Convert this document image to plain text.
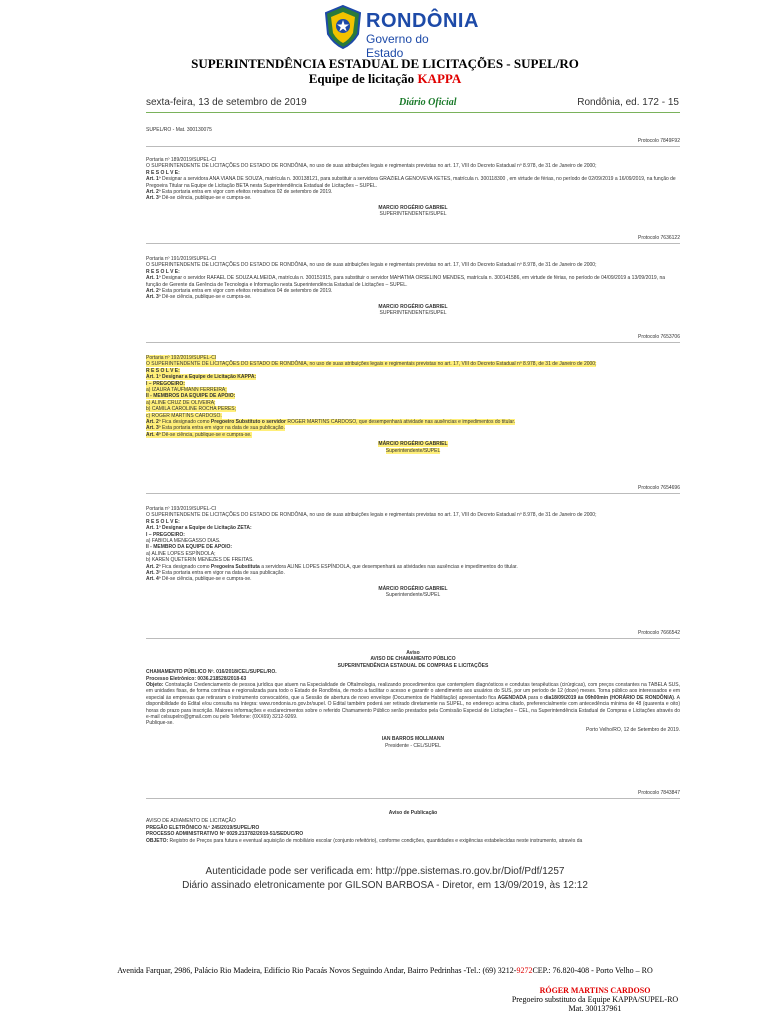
RONDÔNIA
Governo do Estado
SUPERINTENDÊNCIA ESTADUAL DE LICITAÇÕES - SUPEL/RO
Equipe de licitação KAPPA
sexta-feira, 13 de setembro de 2019	Diário Oficial	Rondônia, ed. 172 - 15
SUPEL/RO - Mat. 300130075
Protocolo 7849F92

Portaria nº 189/2019/SUPEL-CI

O SUPERINTENDENTE DE LICITAÇÕES DO ESTADO DE RONDÔNIA, no uso de suas atribuições legais e regimentais previstas no art. 17, VIII do Decreto Estadual nº 8.978, de 31 de Janeiro de 2000;

R E S O L V E:

Art. 1º Designar a servidora ANA VIANA DE SOUZA, matrícula n. 300138121, para substituir a servidora GRAZIELA GENOVEVA KETES, matrícula n. 300118300 , em virtude de férias, no período de 02/09/2019 a 16/09/2019, na função de Pregoeira Titular na Equipe de Licitação BETA nesta Superintendência Estadual de Licitações – SUPEL.

Art. 2º Esta portaria entra em vigor com efeitos retroativos 02 de setembro de 2019.

Art. 3º Dê-se ciência, publique-se e cumpra-se.

MARCIO ROGÉRIO GABRIEL

SUPERINTENDENTE/SUPEL

Protocolo 7636122

Portaria nº 191/2019/SUPEL-CI

O SUPERINTENDENTE DE LICITAÇÕES DO ESTADO DE RONDÔNIA, no uso de suas atribuições legais e regimentais previstas no art. 17, VIII do Decreto Estadual nº 8.978, de 31 de Janeiro de 2000;

R E S O L V E:

Art. 1º Designar o servidor RAFAEL DE SOUZA ALMEIDA, matrícula n. 300151915, para substituir o servidor MAHATMA ORSELINO MENDES, matrícula n. 300141586, em virtude de férias, no período de 04/09/2019 a 13/09/2019, na função de Gerente da Gerência de Tecnologia e Informação nesta Superintendência Estadual de Licitações – SUPEL.

Art. 2º Esta portaria entra em vigor com efeitos retroativos 04 de setembro de 2019.

Art. 3º Dê-se ciência, publique-se e cumpra-se.

MARCIO ROGÉRIO GABRIEL

SUPERINTENDENTE/SUPEL

Protocolo 7653706

Portaria nº 192/2019/SUPEL-CI

O SUPERINTENDENTE DE LICITAÇÕES DO ESTADO DE RONDÔNIA, no uso de suas atribuições legais e regimentais previstas no art. 17, VIII do Decreto Estadual nº 8.978, de 31 de Janeiro de 2000;

R E S O L V E:

Art. 1º Designar a Equipe de Licitação KAPPA:

I – PREGOEIRO:

a) IZAURA TAUFMANN FERREIRA;

II - MEMBROS DA EQUIPE DE APOIO:

a) ALINE CRUZ DE OLIVEIRA;

b) CAMILA CAROLINE ROCHA PERES;

c) ROGER MARTINS CARDOSO.

Art. 2º Fica designado como Pregoeiro Substituto o servidor ROGER MARTINS CARDOSO, que desempenhará atividade nas ausências e impedimentos do titular.

Art. 3º Esta portaria entra em vigor na data de sua publicação.

Art. 4º Dê-se ciência, publique-se e cumpra-se.

MÁRCIO ROGÉRIO GABRIEL

Superintendente/SUPEL

Protocolo 7654696

Portaria nº 193/2019/SUPEL-CI

O SUPERINTENDENTE DE LICITAÇÕES DO ESTADO DE RONDÔNIA, no uso de suas atribuições legais e regimentais previstas no art. 17, VIII do Decreto Estadual nº 8.978, de 31 de Janeiro de 2000;

R E S O L V E:

Art. 1º Designar a Equipe de Licitação ZETA:

I – PREGOEIRO:

a) FABIOLA MENEGASSO DIAS.

II - MEMBRO DA EQUIPE DE APOIO:

a) ALINE LOPES ESPÍNDOLA;

b) KAREN QUETERIN MENEZES DE FREITAS.

Art. 2º Fica designado como Pregoeira Substituta a servidora ALINE LOPES ESPÍNDOLA, que desempenhará as atividades nas ausências e impedimentos do titular.

Art. 3º Esta portaria entra em vigor na data de sua publicação.

Art. 4º Dê-se ciência, publique-se e cumpra-se.

MÁRCIO ROGÉRIO GABRIEL

Superintendente/SUPEL

Protocolo 7666542

Aviso

AVISO DE CHAMAMENTO PÚBLICO

SUPERINTENDÊNCIA ESTADUAL DE COMPRAS E LICITAÇÕES

CHAMAMENTO PÚBLICO Nº. 016/2018/CEL/SUPEL/RO.

Processo Eletrônico: 0036.218528/2018-63

Objeto: Contratação Credenciamento de pessoa jurídica que atuem na Especialidade de Oftalmologia, realizando procedimentos que contemplem diagnósticos e condutas terapêuticas (cirúrgicas), com preços constantes na TABELA SUS, em unidades fixas, de forma contínua e regionalizada para todo o Estado de Rondônia, de modo a facilitar o acesso e garantir o atendimento aos usuários do SUS, por um período de 12 (doze) meses. Torna público aos interessados e em especial às empresas que retiraram o instrumento convocatório, que a Sessão de abertura de novo envelope (Documentos de Habilitação) apresentado fica AGENDADA para o dia18/09/2019 às 09h00min (HORÁRIO DE RONDÔNIA). A disponibilidade do Edital e/ou consulta na íntegra: www.rondonia.ro.gov.br/supel. O Edital também poderá ser retirado diretamente na SUPEL, no endereço acima citado, preferencialmente com antecedência mínima de 48 (quarenta e oito) horas do prazo para inscrição. Maiores informações e esclarecimentos sobre o referido Chamamento Público serão prestados pela Comissão Especial de Licitações – CEL, na Superintendência Estadual de Compras e Licitações através do e-mail celsupelro@gmail.com ou pelo Telefone: (0XX69) 3212-9269.

Publique-se.

Porto Velho/RO, 12 de Setembro de 2019.

IAN BARROS MOLLMANN

Presidente - CEL/SUPEL

Protocolo 7843847

Aviso de Publicação

AVISO DE ADIAMENTO DE LICITAÇÃO

PREGÃO ELETRÔNICO N.º 245/2019/SUPEL/RO

PROCESSO ADMINISTRATIVO Nº 0029.213782/2019-51/SEDUC/RO

OBJETO: Registro de Preços para futura e eventual aquisição de mobiliário escolar (conjunto refeitório), conforme condições, quantidades e exigências estabelecidas neste instrumento, através da

Autenticidade pode ser verificada em: http://ppe.sistemas.ro.gov.br/Diof/Pdf/1257
Diário assinado eletronicamente por GILSON BARBOSA - Diretor, em 13/09/2019, às 12:12
Avenida Farquar, 2986, Palácio Rio Madeira, Edifício Rio Pacaás Novos Seguindo Andar, Bairro Pedrinhas -Tel.: (69) 3212-9272CEP.: 76.820-408 - Porto Velho – RO
RÓGER MARTINS CARDOSO
Pregoeiro substituto da Equipe KAPPA/SUPEL-RO
Mat. 300137961
